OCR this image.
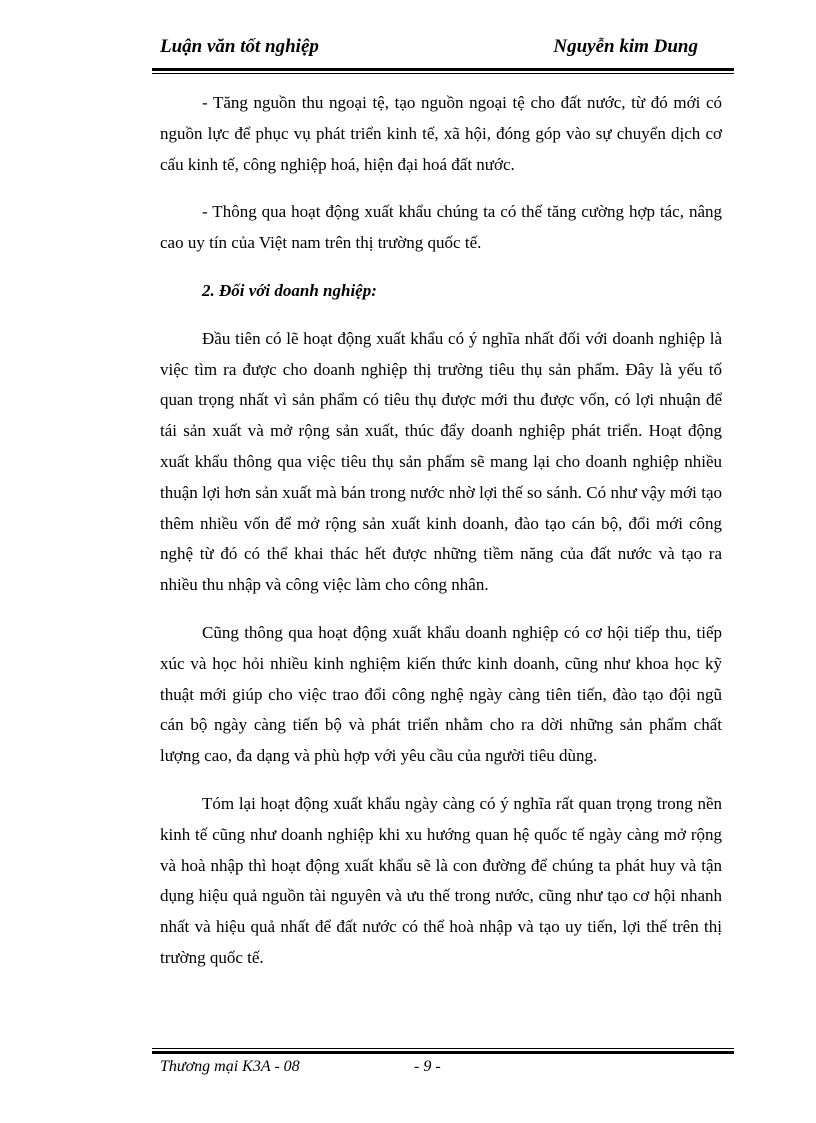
Luận văn tốt nghiệp	Nguyễn kim Dung

- Tăng nguồn thu ngoại tệ, tạo nguồn ngoại tệ cho đất nước, từ đó mới có nguồn lực để phục vụ phát triển kinh tế, xã hội, đóng góp vào sự chuyển dịch cơ cấu kinh tế, công nghiệp hoá, hiện đại hoá đất nước.

- Thông qua hoạt động xuất khẩu chúng ta có thể tăng cường hợp tác, nâng cao uy tín của Việt nam trên thị trường quốc tế.

2. Đối với doanh nghiệp:

Đầu tiên có lẽ hoạt động xuất khẩu có ý nghĩa nhất đối với doanh nghiệp là việc tìm ra được cho doanh nghiệp thị trường tiêu thụ sản phẩm. Đây là yếu tố quan trọng nhất vì sản phẩm có tiêu thụ được mới thu được vốn, có lợi nhuận để tái sản xuất và mở rộng sản xuất, thúc đẩy doanh nghiệp phát triển. Hoạt động xuất khẩu thông qua việc tiêu thụ sản phẩm sẽ mang lại cho doanh nghiệp nhiều thuận lợi hơn sản xuất mà bán trong nước nhờ lợi thế so sánh. Có như vậy mới tạo thêm nhiều vốn để mở rộng sản xuất kinh doanh, đào tạo cán bộ, đổi mới công nghệ từ đó có thể khai thác hết được những tiềm năng của đất nước và tạo ra nhiều thu nhập và công việc làm cho công nhân.

Cũng thông qua hoạt động xuất khẩu doanh nghiệp có cơ hội tiếp thu, tiếp xúc và học hỏi nhiều kinh nghiệm kiến thức kinh doanh, cũng như khoa học kỹ thuật mới giúp cho việc trao đổi công nghệ ngày càng tiên tiến, đào tạo đội ngũ cán bộ ngày càng tiến bộ và phát triển nhằm cho ra dời những sản phẩm chất lượng cao, đa dạng và phù hợp với yêu cầu của người tiêu dùng.

Tóm lại hoạt động xuất khẩu ngày càng có ý nghĩa rất quan trọng trong nền kinh tế cũng như doanh nghiệp khi xu hướng quan hệ quốc tế ngày càng mở rộng và hoà nhập thì hoạt động xuất khẩu sẽ là con đường để chúng ta phát huy và tận dụng hiệu quả nguồn tài nguyên và ưu thế trong nước, cũng như tạo cơ hội nhanh nhất và hiệu quả nhất để đất nước có thể hoà nhập và tạo uy tiến, lợi thế trên thị trường quốc tế.

Thương mại K3A - 08	- 9 -
